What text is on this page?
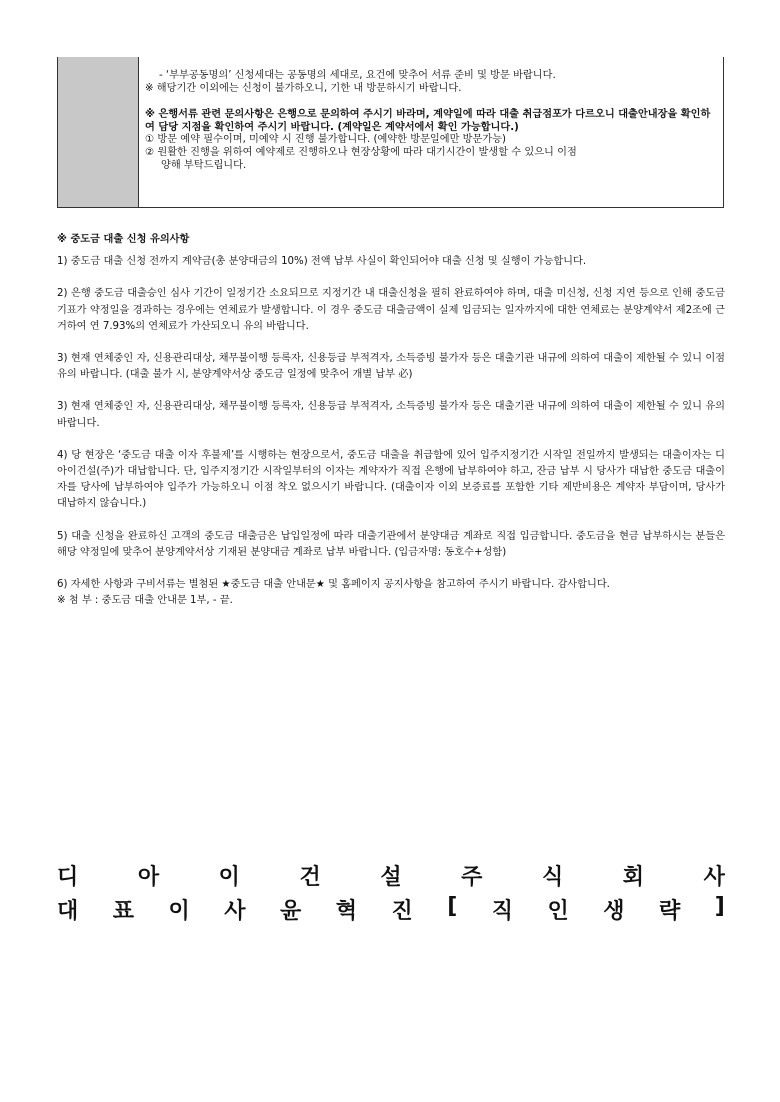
- ‘부부공동명의’ 신청세대는 공동명의 세대로, 요건에 맞추어 서류 준비 및 방문 바랍니다.

※ 해당기간 이외에는 신청이 불가하오니, 기한 내 방문하시기 바랍니다.

※ 은행서류 관련 문의사항은 은행으로 문의하여 주시기 바라며, 계약일에 따라 대출 취급점포가 다르오니 대출안내장을 확인하여 담당 지점을 확인하여 주시기 바랍니다. (계약일은 계약서에서 확인 가능합니다.)

① 방문 예약 필수이며, 미예약 시 진행 불가합니다. (예약한 방문일에만 방문가능)

② 원활한 진행을 위하여 예약제로 진행하오나 현장상황에 따라 대기시간이 발생할 수 있으니 이점

양해 부탁드립니다.

※ 중도금 대출 신청 유의사항

1) 중도금 대출 신청 전까지 계약금(총 분양대금의 10%) 전액 납부 사실이 확인되어야 대출 신청 및 실행이 가능합니다.

2) 은행 중도금 대출승인 심사 기간이 일정기간 소요되므로 지정기간 내 대출신청을 필히 완료하여야 하며, 대출 미신청, 신청 지연 등으로 인해 중도금 기표가 약정일을 경과하는 경우에는 연체료가 발생합니다. 이 경우 중도금 대출금액이 실제 입금되는 일자까지에 대한 연체료는 분양계약서 제2조에 근거하여 연 7.93%의 연체료가 가산되오니 유의 바랍니다.

3) 현재 연체중인 자, 신용관리대상, 채무불이행 등록자, 신용등급 부적격자, 소득증빙 불가자 등은 대출기관 내규에 의하여 대출이 제한될 수 있니 이점 유의 바랍니다. (대출 불가 시, 분양계약서상 중도금 일정에 맞추어 개별 납부 必)

3) 현재 연체중인 자, 신용관리대상, 채무불이행 등록자, 신용등급 부적격자, 소득증빙 불가자 등은 대출기관 내규에 의하여 대출이 제한될 수 있니 유의 바랍니다.

4) 당 현장은 ‘중도금 대출 이자 후불제’를 시행하는 현장으로서, 중도금 대출을 취급함에 있어 입주지정기간 시작일 전일까지 발생되는 대출이자는 디아이건설(주)가 대납합니다. 단, 입주지정기간 시작일부터의 이자는 계약자가 직접 은행에 납부하여야 하고, 잔금 납부 시 당사가 대납한 중도금 대출이자를 당사에 납부하여야 입주가 가능하오니 이점 착오 없으시기 바랍니다. (대출이자 이외 보증료를 포함한 기타 제반비용은 계약자 부담이며, 당사가 대납하지 않습니다.)

5) 대출 신청을 완료하신 고객의 중도금 대출금은 납입일정에 따라 대출기관에서 분양대금 계좌로 직접 입금합니다. 중도금을 현금 납부하시는 분들은 해당 약정일에 맞추어 분양계약서상 기재된 분양대금 계좌로 납부 바랍니다. (입금자명: 동호수+성함)

6) 자세한 사항과 구비서류는 별첨된 ★중도금 대출 안내문★ 및 홈페이지 공지사항을 참고하여 주시기 바랍니다. 감사합니다.

※ 첨 부 : 중도금 대출 안내문 1부, - 끝.

디	아	이	건	설	주	식	회	사
대 표 이 사 윤 혁 진 [ 직 인 생 략 ]
